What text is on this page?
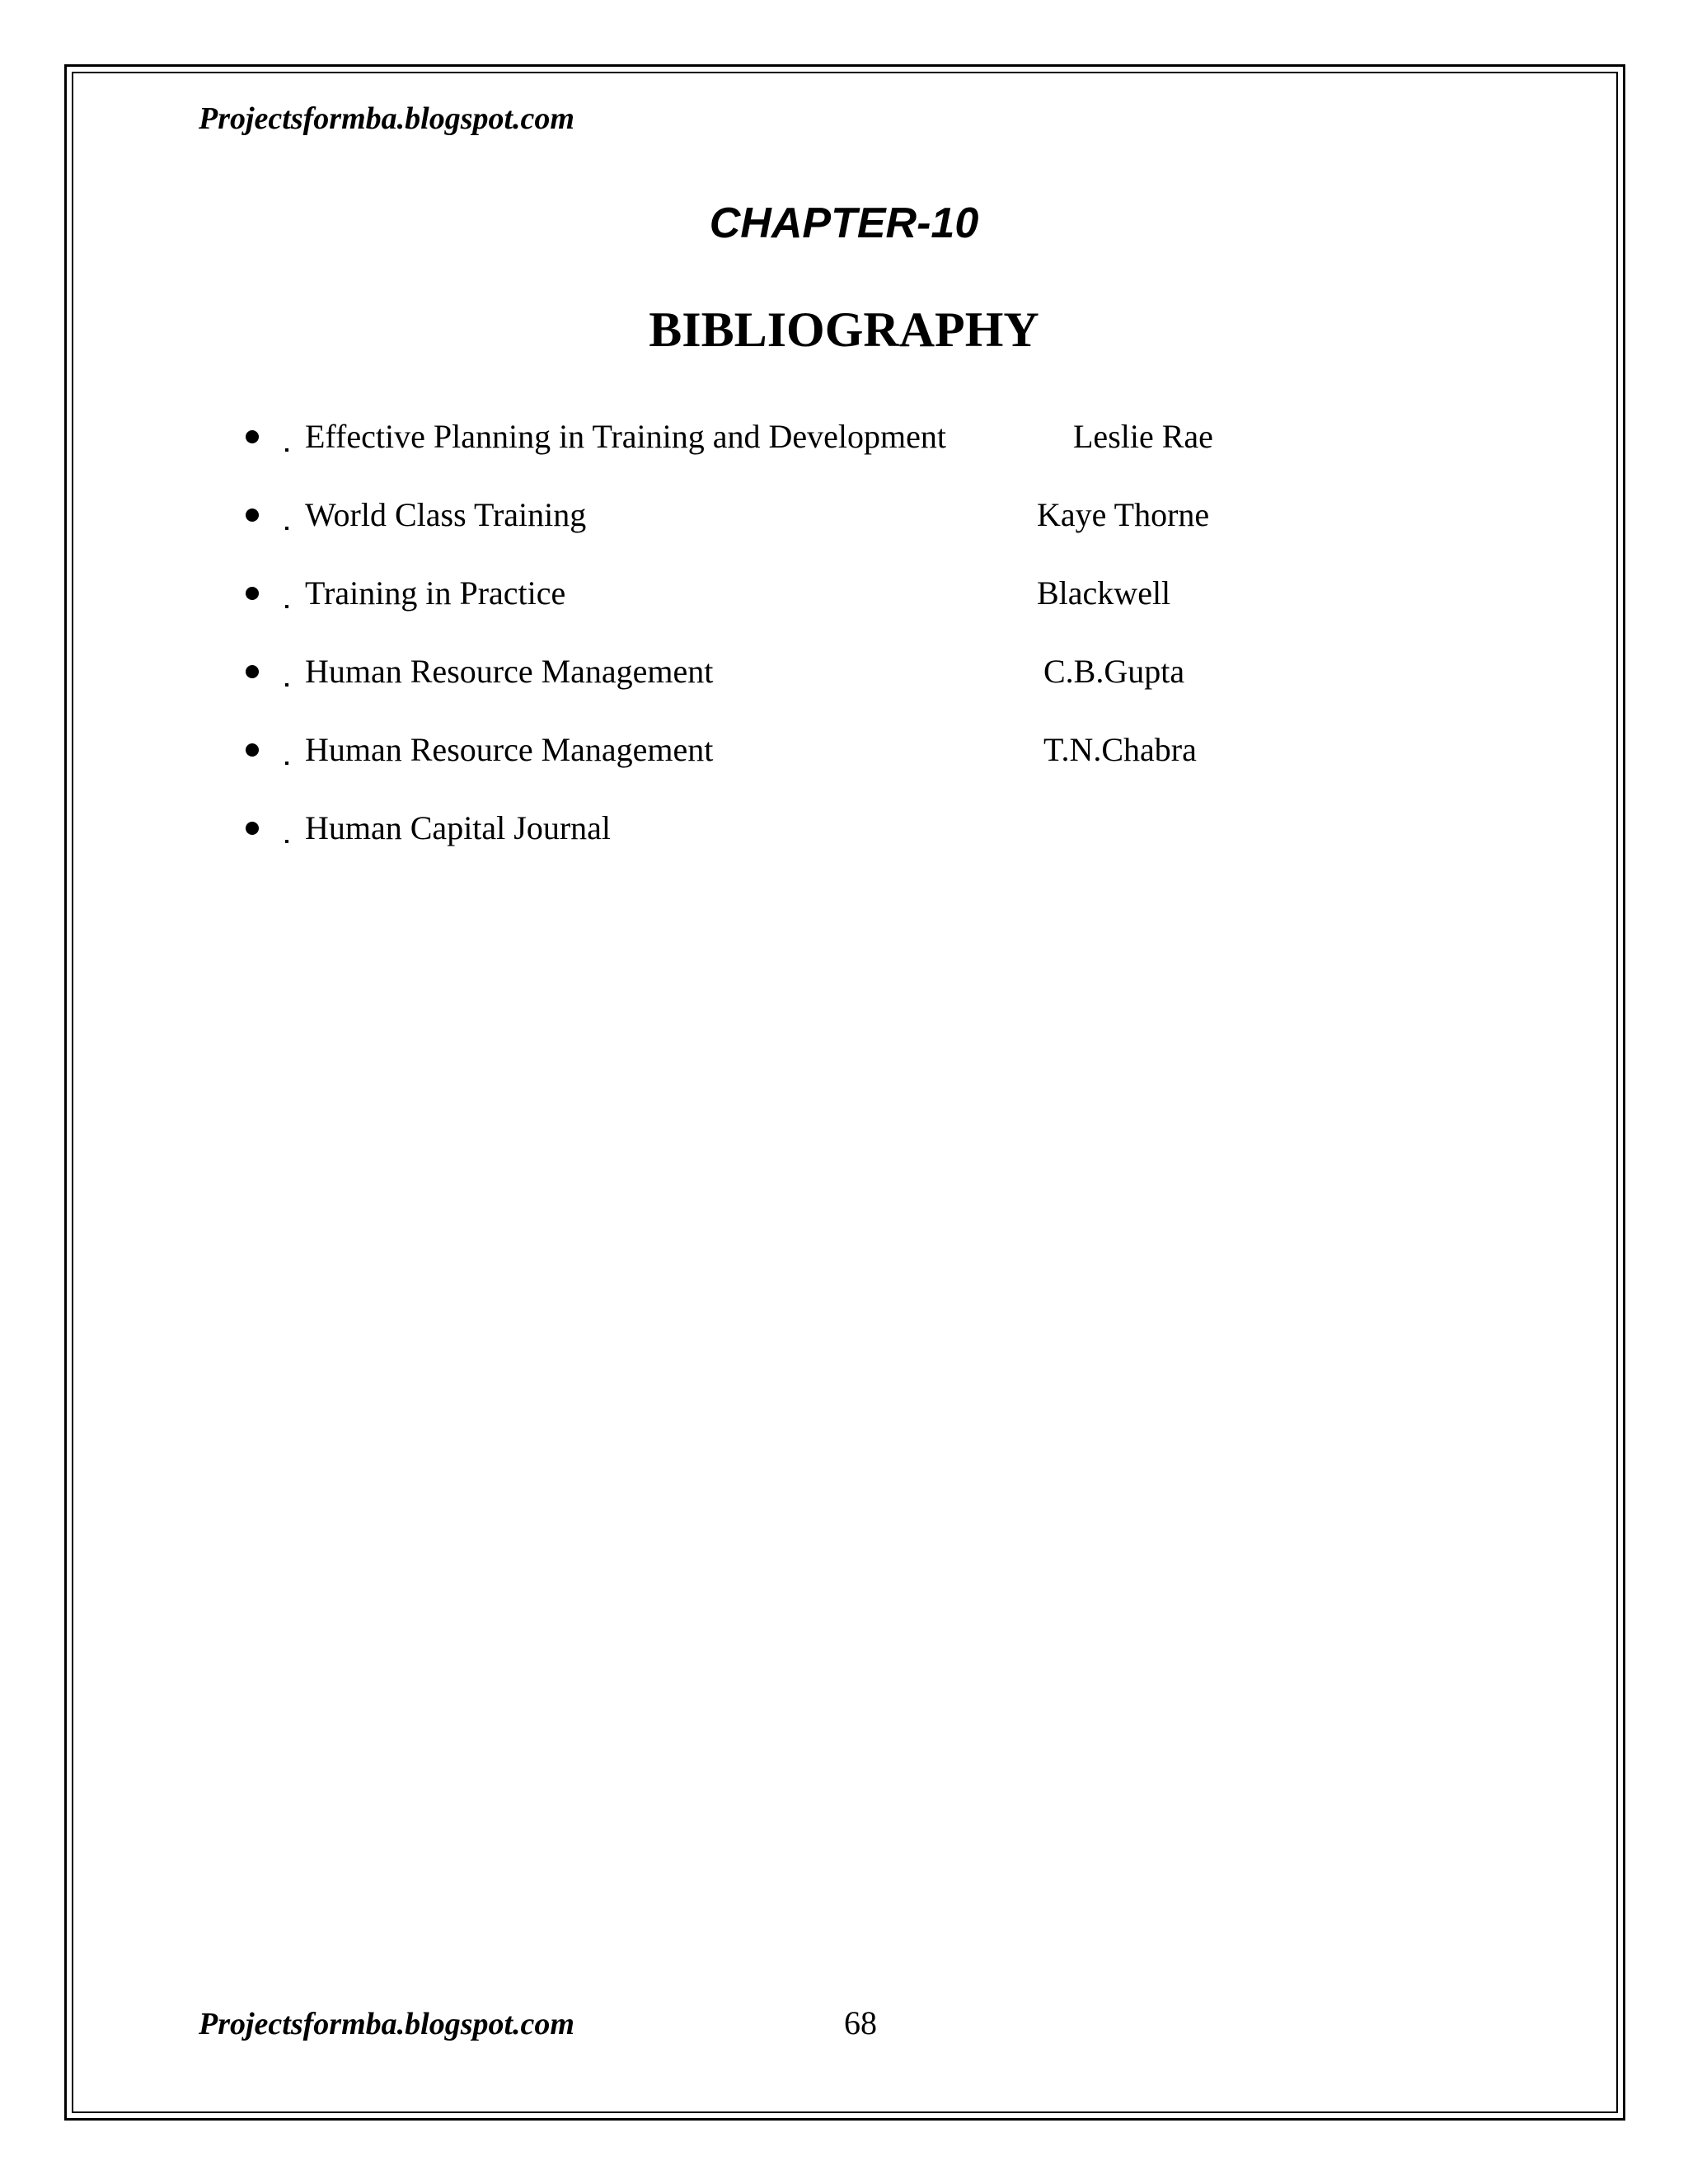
Projectsformba.blogspot.com
CHAPTER-10
BIBLIOGRAPHY
Effective Planning in Training and Development	Leslie Rae
World Class Training	Kaye Thorne
Training in Practice	Blackwell
Human Resource Management	C.B.Gupta
Human Resource Management	T.N.Chabra
Human Capital Journal
Projectsformba.blogspot.com	68
